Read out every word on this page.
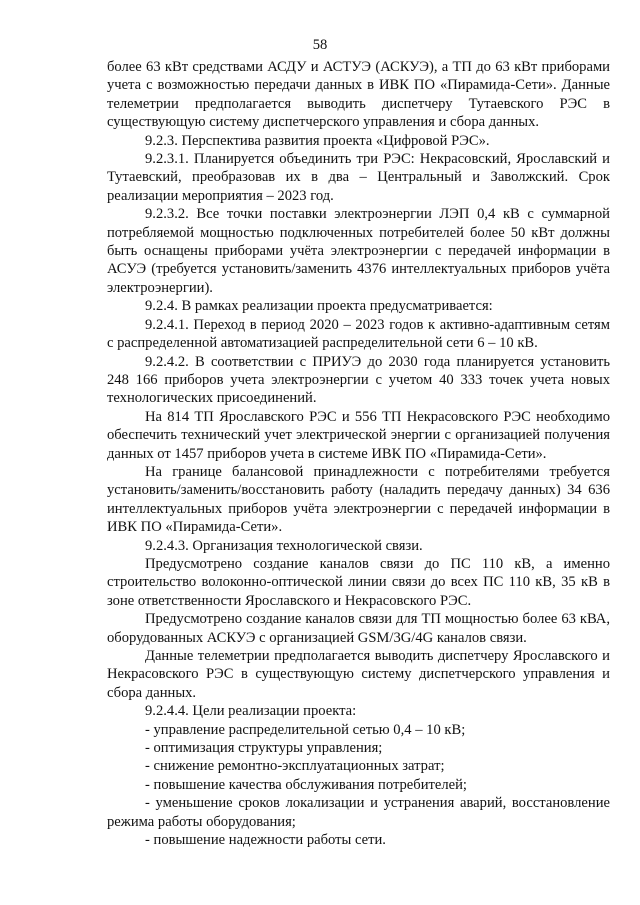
58

более 63 кВт средствами АСДУ и АСТУЭ (АСКУЭ), а ТП до 63 кВт приборами учета с возможностью передачи данных в ИВК ПО «Пирамида-Сети». Данные телеметрии предполагается выводить диспетчеру Тутаевского РЭС в существующую систему диспетчерского управления и сбора данных.

9.2.3. Перспектива развития проекта «Цифровой РЭС».

9.2.3.1. Планируется объединить три РЭС: Некрасовский, Ярославский и Тутаевский, преобразовав их в два – Центральный и Заволжский. Срок реализации мероприятия – 2023 год.

9.2.3.2. Все точки поставки электроэнергии ЛЭП 0,4 кВ с суммарной потребляемой мощностью подключенных потребителей более 50 кВт должны быть оснащены приборами учёта электроэнергии с передачей информации в АСУЭ (требуется установить/заменить 4376 интеллектуальных приборов учёта электроэнергии).

9.2.4. В рамках реализации проекта предусматривается:

9.2.4.1. Переход в период 2020 – 2023 годов к активно-адаптивным сетям с распределенной автоматизацией распределительной сети 6 – 10 кВ.

9.2.4.2. В соответствии с ПРИУЭ до 2030 года планируется установить 248 166 приборов учета электроэнергии с учетом 40 333 точек учета новых технологических присоединений.

На 814 ТП Ярославского РЭС и 556 ТП Некрасовского РЭС необходимо обеспечить технический учет электрической энергии с организацией получения данных от 1457 приборов учета в системе ИВК ПО «Пирамида-Сети».

На границе балансовой принадлежности с потребителями требуется установить/заменить/восстановить работу (наладить передачу данных) 34 636 интеллектуальных приборов учёта электроэнергии с передачей информации в ИВК ПО «Пирамида-Сети».

9.2.4.3. Организация технологической связи.

Предусмотрено создание каналов связи до ПС 110 кВ, а именно строительство волоконно-оптической линии связи до всех ПС 110 кВ, 35 кВ в зоне ответственности Ярославского и Некрасовского РЭС.

Предусмотрено создание каналов связи для ТП мощностью более 63 кВА, оборудованных АСКУЭ с организацией GSM/3G/4G каналов связи.

Данные телеметрии предполагается выводить диспетчеру Ярославского и Некрасовского РЭС в существующую систему диспетчерского управления и сбора данных.

9.2.4.4. Цели реализации проекта:

- управление распределительной сетью 0,4 – 10 кВ;

- оптимизация структуры управления;

- снижение ремонтно-эксплуатационных затрат;

- повышение качества обслуживания потребителей;

- уменьшение сроков локализации и устранения аварий, восстановление режима работы оборудования;

- повышение надежности работы сети.
